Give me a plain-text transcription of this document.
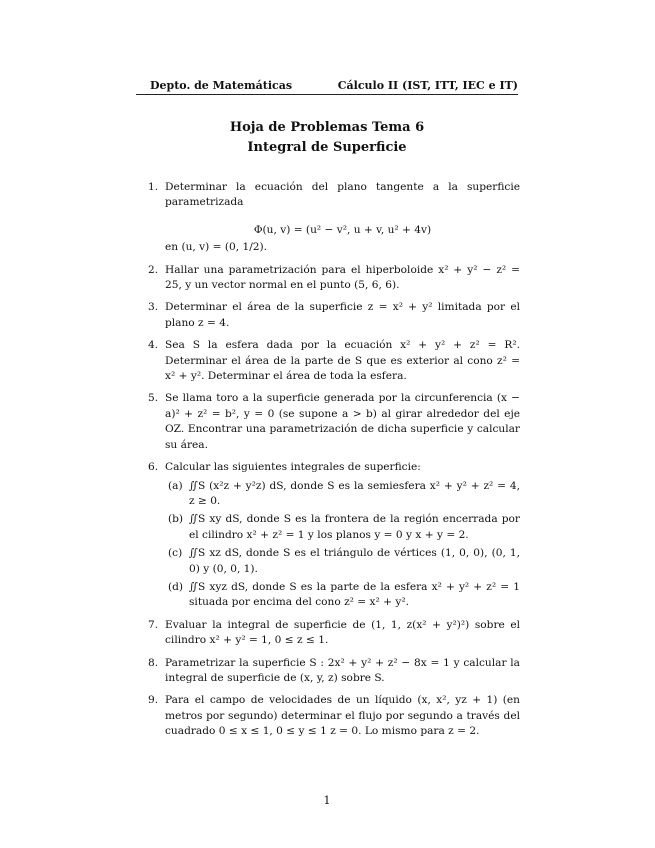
Depto. de Matemáticas	Cálculo II (IST, ITT, IEC e IT)
Hoja de Problemas Tema 6
Integral de Superficie
1. Determinar la ecuación del plano tangente a la superficie parametrizada
Φ(u, v) = (u² − v², u + v, u² + 4v)
en (u, v) = (0, 1/2).
2. Hallar una parametrización para el hiperboloide x² + y² − z² = 25, y un vector normal en el punto (5, 6, 6).
3. Determinar el área de la superficie z = x² + y² limitada por el plano z = 4.
4. Sea S la esfera dada por la ecuación x² + y² + z² = R². Determinar el área de la parte de S que es exterior al cono z² = x² + y². Determinar el área de toda la esfera.
5. Se llama toro a la superficie generada por la circunferencia (x − a)² + z² = b², y = 0 (se supone a > b) al girar alrededor del eje OZ. Encontrar una parametrización de dicha superficie y calcular su área.
6. Calcular las siguientes integrales de superficie:
(a) ∬S (x²z + y²z) dS, donde S es la semiesfera x² + y² + z² = 4, z ≥ 0.
(b) ∬S xy dS, donde S es la frontera de la región encerrada por el cilindro x² + z² = 1 y los planos y = 0 y x + y = 2.
(c) ∬S xz dS, donde S es el triángulo de vértices (1, 0, 0), (0, 1, 0) y (0, 0, 1).
(d) ∬S xyz dS, donde S es la parte de la esfera x² + y² + z² = 1 situada por encima del cono z² = x² + y².
7. Evaluar la integral de superficie de (1, 1, z(x² + y²)²) sobre el cilindro x² + y² = 1, 0 ≤ z ≤ 1.
8. Parametrizar la superficie S : 2x² + y² + z² − 8x = 1 y calcular la integral de superficie de (x, y, z) sobre S.
9. Para el campo de velocidades de un líquido (x, x², yz + 1) (en metros por segundo) determinar el flujo por segundo a través del cuadrado 0 ≤ x ≤ 1, 0 ≤ y ≤ 1 z = 0. Lo mismo para z = 2.
1
